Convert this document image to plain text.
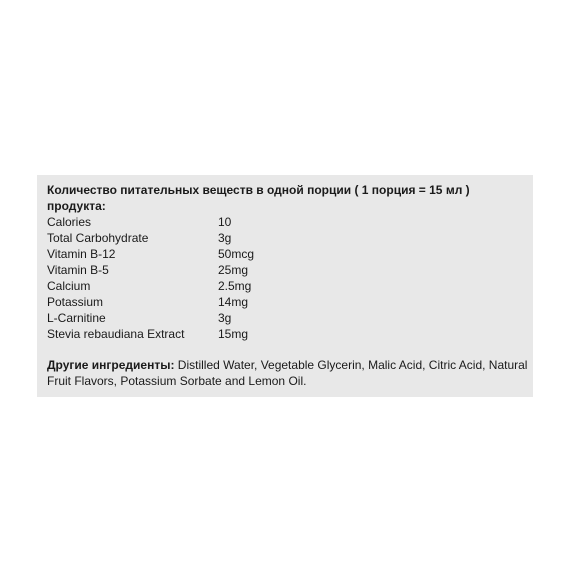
Количество питательных веществ в одной порции ( 1 порция = 15 мл )
продукта:
Calories	10
Total Carbohydrate	3g
Vitamin B-12	50mcg
Vitamin B-5	25mg
Calcium	2.5mg
Potassium	14mg
L-Carnitine	3g
Stevia rebaudiana Extract	15mg
Другие ингредиенты: Distilled Water, Vegetable Glycerin, Malic Acid, Citric Acid, Natural Fruit Flavors, Potassium Sorbate and Lemon Oil.
